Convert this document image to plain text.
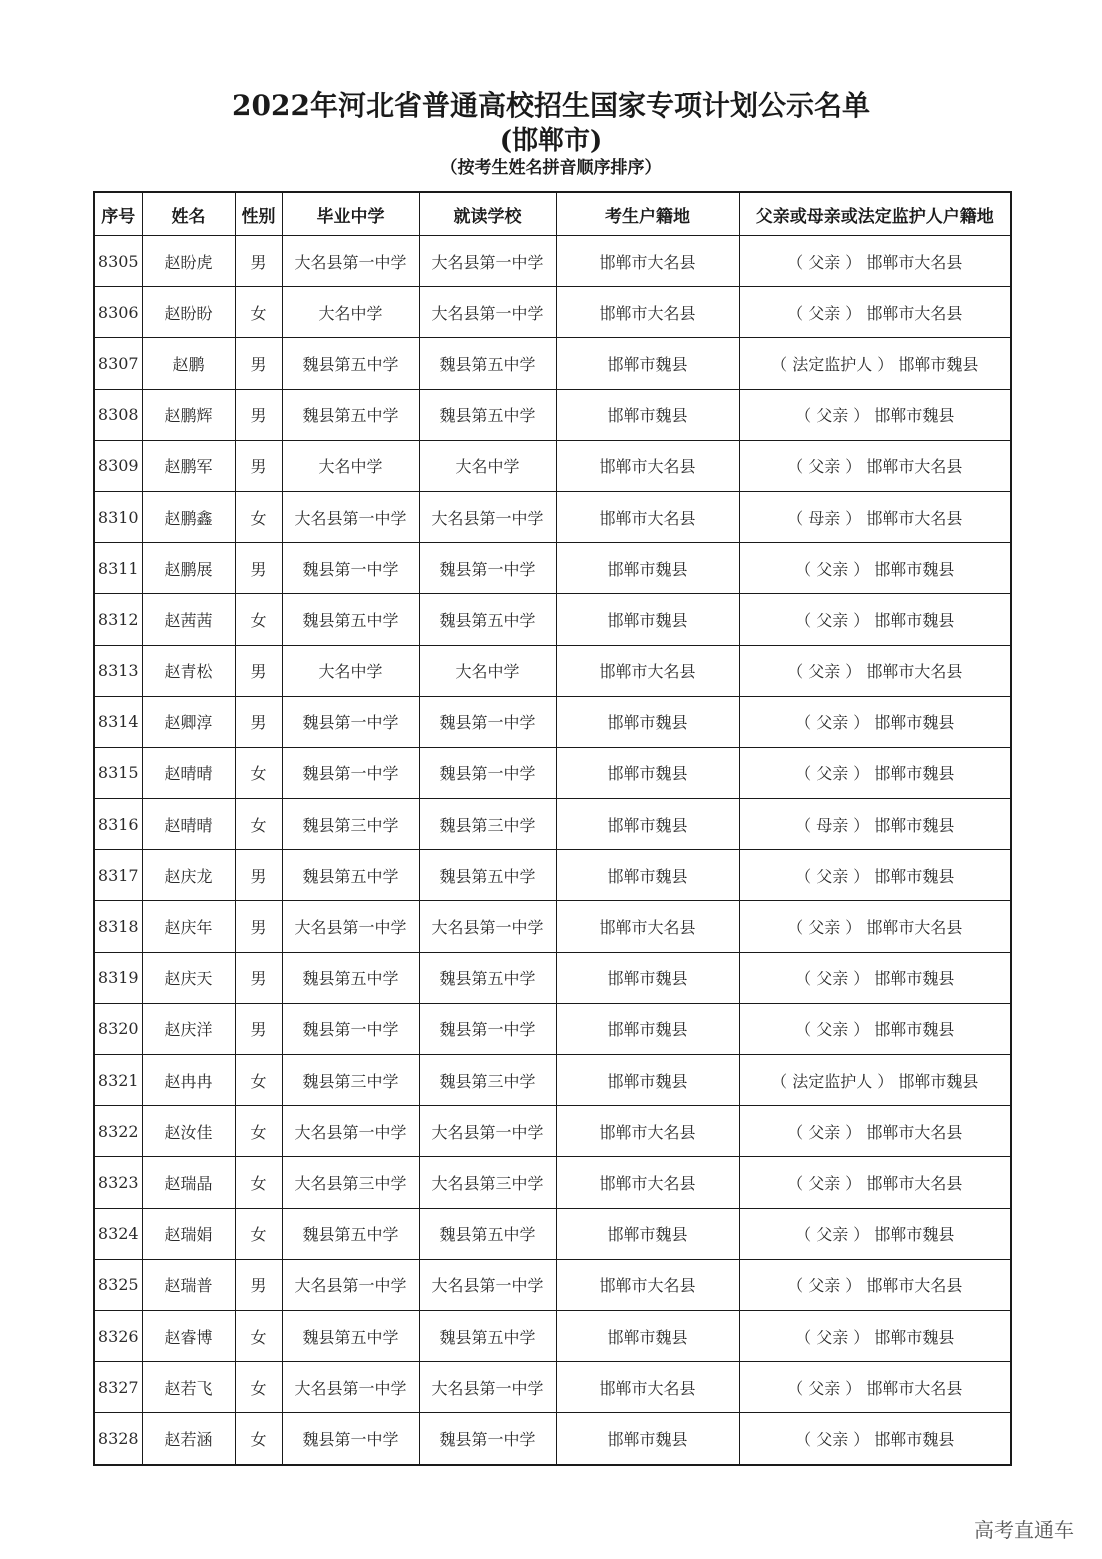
2022年河北省普通高校招生国家专项计划公示名单
(邯郸市)
（按考生姓名拼音顺序排序）
序号	姓名	性别	毕业中学	就读学校	考生户籍地	父亲或母亲或法定监护人户籍地
8305	赵盼虎	男	大名县第一中学	大名县第一中学	邯郸市大名县	（ 父亲 ） 邯郸市大名县
8306	赵盼盼	女	大名中学	大名县第一中学	邯郸市大名县	（ 父亲 ） 邯郸市大名县
8307	赵鹏	男	魏县第五中学	魏县第五中学	邯郸市魏县	（ 法定监护人 ） 邯郸市魏县
8308	赵鹏辉	男	魏县第五中学	魏县第五中学	邯郸市魏县	（ 父亲 ） 邯郸市魏县
8309	赵鹏军	男	大名中学	大名中学	邯郸市大名县	（ 父亲 ） 邯郸市大名县
8310	赵鹏鑫	女	大名县第一中学	大名县第一中学	邯郸市大名县	（ 母亲 ） 邯郸市大名县
8311	赵鹏展	男	魏县第一中学	魏县第一中学	邯郸市魏县	（ 父亲 ） 邯郸市魏县
8312	赵茜茜	女	魏县第五中学	魏县第五中学	邯郸市魏县	（ 父亲 ） 邯郸市魏县
8313	赵青松	男	大名中学	大名中学	邯郸市大名县	（ 父亲 ） 邯郸市大名县
8314	赵卿淳	男	魏县第一中学	魏县第一中学	邯郸市魏县	（ 父亲 ） 邯郸市魏县
8315	赵晴晴	女	魏县第一中学	魏县第一中学	邯郸市魏县	（ 父亲 ） 邯郸市魏县
8316	赵晴晴	女	魏县第三中学	魏县第三中学	邯郸市魏县	（ 母亲 ） 邯郸市魏县
8317	赵庆龙	男	魏县第五中学	魏县第五中学	邯郸市魏县	（ 父亲 ） 邯郸市魏县
8318	赵庆年	男	大名县第一中学	大名县第一中学	邯郸市大名县	（ 父亲 ） 邯郸市大名县
8319	赵庆天	男	魏县第五中学	魏县第五中学	邯郸市魏县	（ 父亲 ） 邯郸市魏县
8320	赵庆洋	男	魏县第一中学	魏县第一中学	邯郸市魏县	（ 父亲 ） 邯郸市魏县
8321	赵冉冉	女	魏县第三中学	魏县第三中学	邯郸市魏县	（ 法定监护人 ） 邯郸市魏县
8322	赵汝佳	女	大名县第一中学	大名县第一中学	邯郸市大名县	（ 父亲 ） 邯郸市大名县
8323	赵瑞晶	女	大名县第三中学	大名县第三中学	邯郸市大名县	（ 父亲 ） 邯郸市大名县
8324	赵瑞娟	女	魏县第五中学	魏县第五中学	邯郸市魏县	（ 父亲 ） 邯郸市魏县
8325	赵瑞普	男	大名县第一中学	大名县第一中学	邯郸市大名县	（ 父亲 ） 邯郸市大名县
8326	赵睿博	女	魏县第五中学	魏县第五中学	邯郸市魏县	（ 父亲 ） 邯郸市魏县
8327	赵若飞	女	大名县第一中学	大名县第一中学	邯郸市大名县	（ 父亲 ） 邯郸市大名县
8328	赵若涵	女	魏县第一中学	魏县第一中学	邯郸市魏县	（ 父亲 ） 邯郸市魏县
高考直通车
